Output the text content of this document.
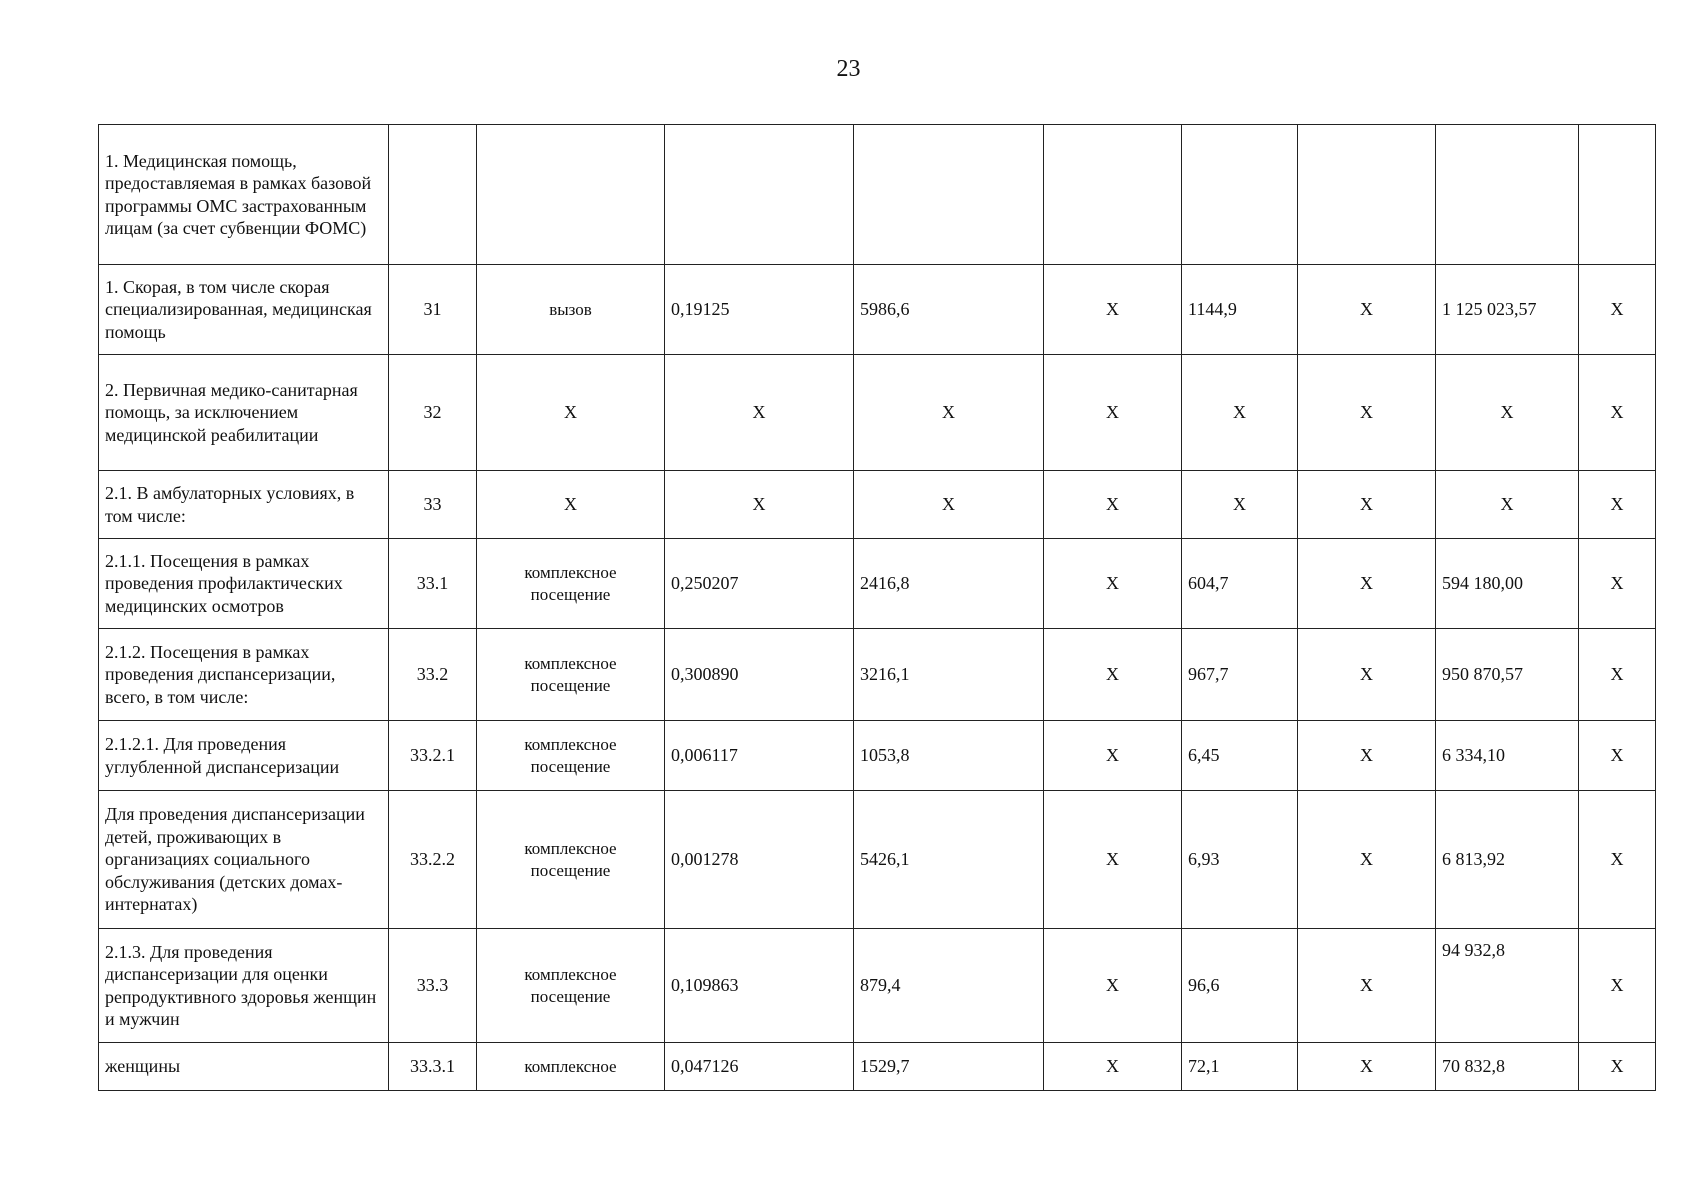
23
1. Медицинская помощь, предоставляемая в рамках базовой программы ОМС застрахованным лицам (за счет субвенции ФОМС)									
1. Скорая, в том числе скорая специализированная, медицинская помощь	31	вызов	0,19125	5986,6	Х	1144,9	Х	1 125 023,57	Х
2. Первичная медико-санитарная помощь, за исключением медицинской реабилитации	32	Х	Х	Х	Х	Х	Х	Х	Х
2.1. В амбулаторных условиях, в том числе:	33	Х	Х	Х	Х	Х	Х	Х	Х
2.1.1. Посещения в рамках проведения профилактических медицинских осмотров	33.1	комплексное посещение	0,250207	2416,8	Х	604,7	Х	594 180,00	Х
2.1.2. Посещения в рамках проведения диспансеризации, всего, в том числе:	33.2	комплексное посещение	0,300890	3216,1	Х	967,7	Х	950 870,57	Х
2.1.2.1. Для проведения углубленной диспансеризации	33.2.1	комплексное посещение	0,006117	1053,8	Х	6,45	Х	6 334,10	Х
Для проведения диспансеризации детей, проживающих в организациях социального обслуживания (детских домах-интернатах)	33.2.2	комплексное посещение	0,001278	5426,1	Х	6,93	Х	6 813,92	Х
2.1.3. Для проведения диспансеризации для оценки репродуктивного здоровья женщин и мужчин	33.3	комплексное посещение	0,109863	879,4	Х	96,6	Х	94 932,8	Х
женщины	33.3.1	комплексное	0,047126	1529,7	Х	72,1	Х	70 832,8	Х
